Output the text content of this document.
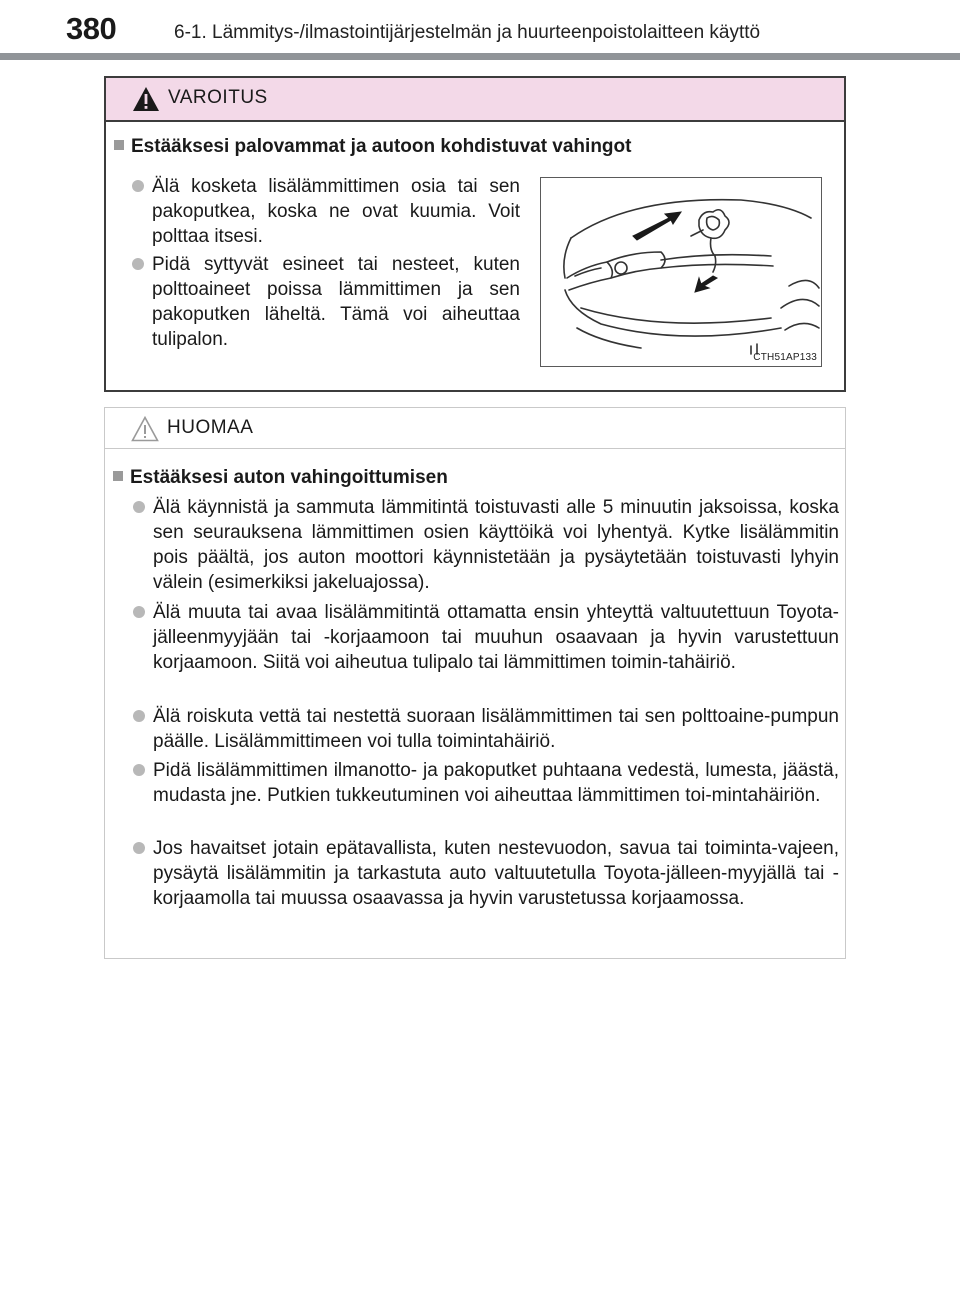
380	6-1. Lämmitys-/ilmastointijärjestelmän ja huurteenpoistolaitteen käyttö
VAROITUS
Estääksesi palovammat ja autoon kohdistuvat vahingot
Älä kosketa lisälämmittimen osia tai sen pakoputkea, koska ne ovat kuumia. Voit polttaa itsesi.
Pidä syttyvät esineet tai nesteet, kuten polttoaineet poissa lämmittimen ja sen pakoputken läheltä. Tämä voi aiheuttaa tulipalon.
CTH51AP133
HUOMAA
Estääksesi auton vahingoittumisen
Älä käynnistä ja sammuta lämmitintä toistuvasti alle 5 minuutin jaksoissa, koska sen seurauksena lämmittimen osien käyttöikä voi lyhentyä. Kytke lisälämmitin pois päältä, jos auton moottori käynnistetään ja pysäytetään toistuvasti lyhyin välein (esimerkiksi jakeluajossa).
Älä muuta tai avaa lisälämmitintä ottamatta ensin yhteyttä valtuutettuun Toyota-jälleenmyyjään tai -korjaamoon tai muuhun osaavaan ja hyvin varustettuun korjaamoon. Siitä voi aiheutua tulipalo tai lämmittimen toimin-tahäiriö.
Älä roiskuta vettä tai nestettä suoraan lisälämmittimen tai sen polttoaine-pumpun päälle. Lisälämmittimeen voi tulla toimintahäiriö.
Pidä lisälämmittimen ilmanotto- ja pakoputket puhtaana vedestä, lumesta, jäästä, mudasta jne. Putkien tukkeutuminen voi aiheuttaa lämmittimen toi-mintahäiriön.
Jos havaitset jotain epätavallista, kuten nestevuodon, savua tai toiminta-vajeen, pysäytä lisälämmitin ja tarkastuta auto valtuutetulla Toyota-jälleen-myyjällä tai -korjaamolla tai muussa osaavassa ja hyvin varustetussa korjaamossa.
